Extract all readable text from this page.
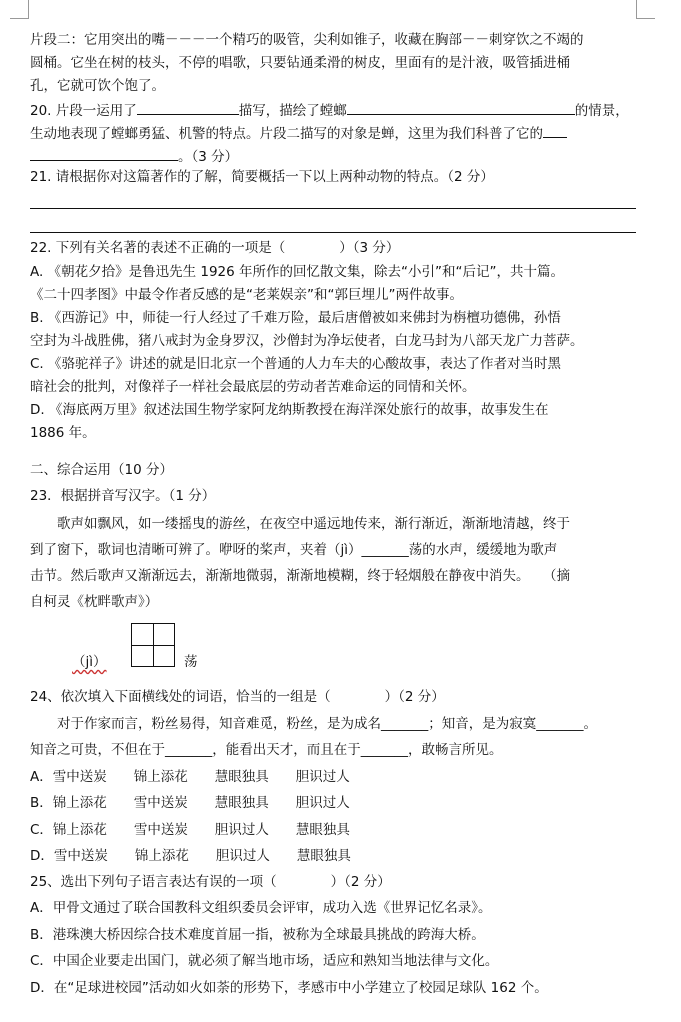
片段二：它用突出的嘴－－－一个精巧的吸管，尖利如锥子，收藏在胸部－－刺穿饮之不竭的
圆桶。它坐在树的枝头，不停的唱歌，只要钻通柔滑的树皮，里面有的是汁液，吸管插进桶
孔，它就可饮个饱了。
21. 请根据你对这篇著作的了解，简要概括一下以上两种动物的特点。（2 分）
22. 下列有关名著的表述不正确的一项是（　　　　）（3 分）
A. 《朝花夕拾》是鲁迅先生 1926 年所作的回忆散文集，除去“小引”和“后记”，共十篇。
《二十四孝图》中最令作者反感的是“老莱娱亲”和“郭巨埋儿”两件故事。
B. 《西游记》中，师徒一行人经过了千难万险，最后唐僧被如来佛封为栴檀功德佛，孙悟
空封为斗战胜佛，猪八戒封为金身罗汉，沙僧封为净坛使者，白龙马封为八部天龙广力菩萨。
C. 《骆驼祥子》讲述的就是旧北京一个普通的人力车夫的心酸故事，表达了作者对当时黑
暗社会的批判，对像祥子一样社会最底层的劳动者苦难命运的同情和关怀。
D. 《海底两万里》叙述法国生物学家阿龙纳斯教授在海洋深处旅行的故事，故事发生在
1886 年。
二、综合运用（10 分）
23．根据拼音写汉字。（1 分）
到了窗下，歌词也清晰可辨了。咿呀的桨声，夹着（jì）_______荡的水声，缓缓地为歌声
击节。然后歌声又渐渐远去，渐渐地微弱，渐渐地模糊，终于轻烟般在静夜中消失。　　（摘
自柯灵《枕畔歌声》）
24、依次填入下面横线处的词语，恰当的一组是（　　　　）（2 分）
　　对于作家而言，粉丝易得，知音难觅，粉丝，是为成名_______；知音，是为寂寞_______。
知音之可贵，不但在于_______，能看出天才，而且在于_______，敢畅言所见。
A．雪中送炭　　锦上添花　　慧眼独具　　胆识过人
B．锦上添花　　雪中送炭　　慧眼独具　　胆识过人
C．锦上添花　　雪中送炭　　胆识过人　　慧眼独具
D．雪中送炭　　锦上添花　　胆识过人　　慧眼独具
25、选出下列句子语言表达有误的一项（　　　　）（2 分）
A．甲骨文通过了联合国教科文组织委员会评审，成功入选《世界记忆名录》。
B．港珠澳大桥因综合技术难度首屈一指，被称为全球最具挑战的跨海大桥。
C．中国企业要走出国门，就必须了解当地市场，适应和熟知当地法律与文化。
D．在“足球进校园”活动如火如荼的形势下，孝感市中小学建立了校园足球队 162 个。
20. 片段一运用了	描写，描绘了螳螂	的情景，
生动地表现了螳螂勇猛、机警的特点。片段二描写的对象是蝉，这里为我们科普了它的
。（3 分）
　　歌声如飘风，如一缕摇曳的游丝，在夜空中遥远地传来，渐行渐近，渐渐地清越，终于
（jì）	荡
